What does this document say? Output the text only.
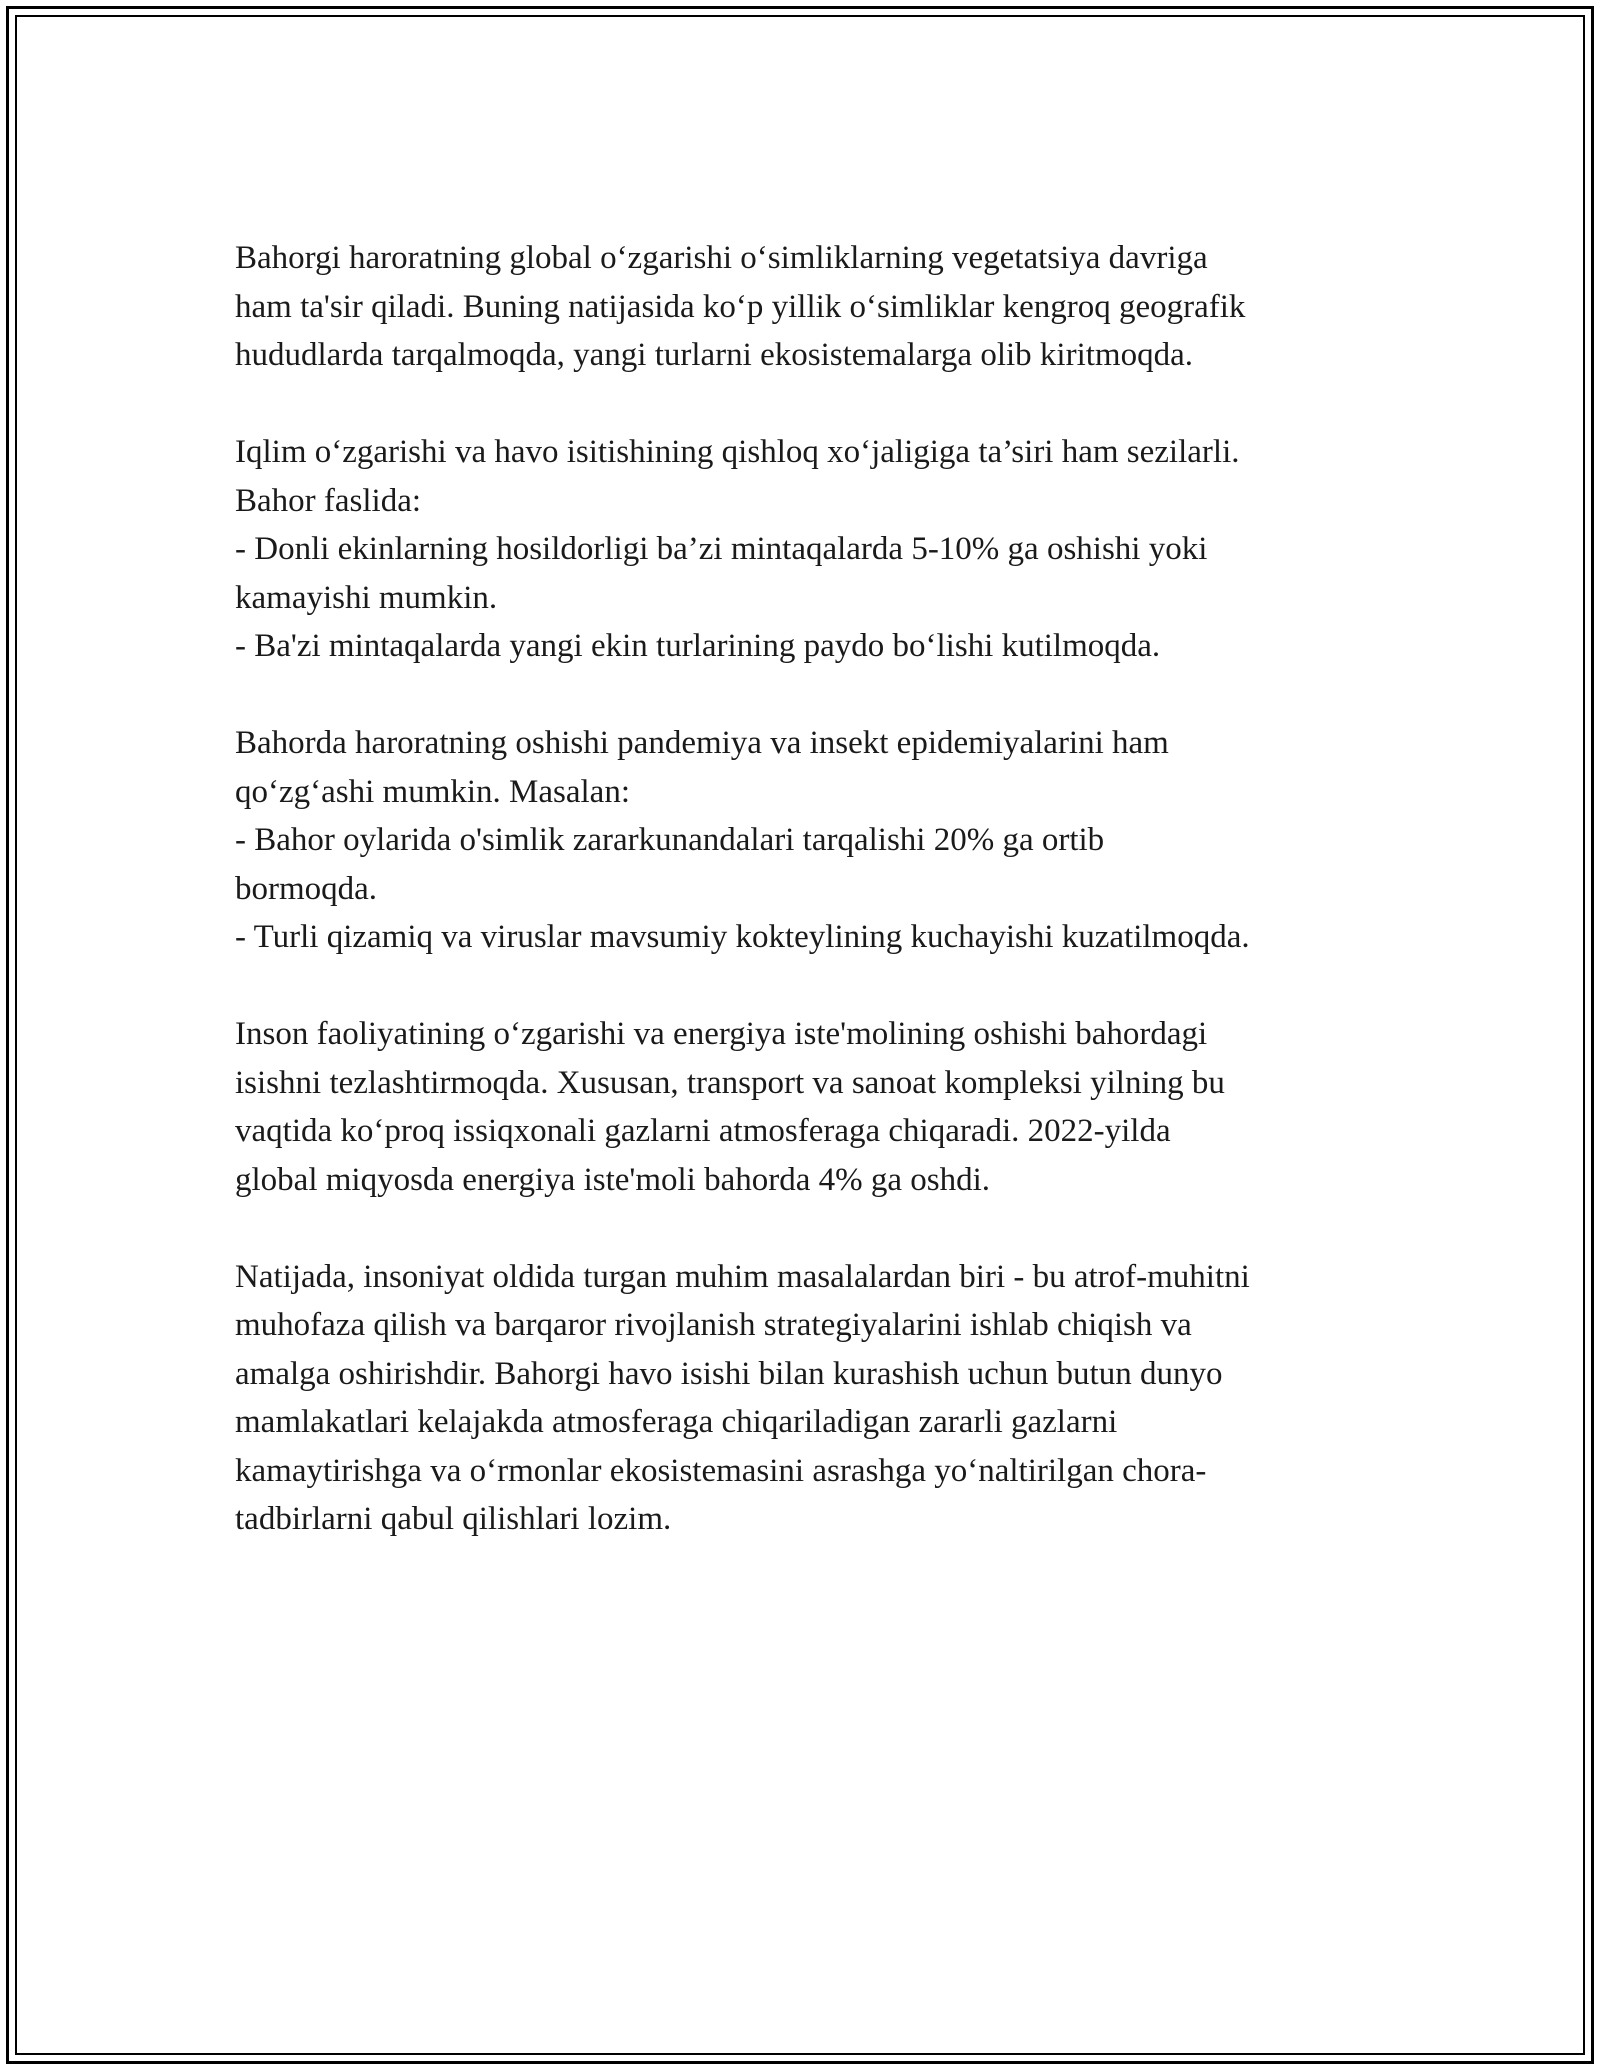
Bahorgi haroratning global o‘zgarishi o‘simliklarning vegetatsiya davriga
ham ta's‍ir qiladi. Buning natijasida ko‘p yillik o‘simliklar kengroq geografik
hududlarda tarqalmoqda, yangi turlarni ekosistemalarga olib kiritmoqda.

Iqlim o‘zgarishi va havo isitishining qishloq xo‘jaligiga ta’siri ham sezilarli.
Bahor faslida:
- Donli ekinlarning hosildorligi ba’zi mintaqalarda 5-10% ga oshishi yoki
kamayishi mumkin.
- Ba'zi mintaqalarda yangi ekin turlarining paydo bo‘lishi kutilmoqda.

Bahorda haroratning oshishi pandemiya va insekt epidemiyalarini ham
qo‘zg‘ashi mumkin. Masalan:
- Bahor oylarida o'simlik zararkunandalari tarqalishi 20% ga ortib
bormoqda.
- Turli qizamiq va viruslar mavsumiy kokteylining kuchayishi kuzatilmoqda.

Inson faoliyatining o‘zgarishi va energiya iste'molining oshishi bahordagi
isishni tezlashtirmoqda. Xususan, transport va sanoat kompleksi yilning bu
vaqtida ko‘proq issiqxonali gazlarni atmosferaga chiqaradi. 2022-yilda
global miqyosda energiya iste'moli bahorda 4% ga oshdi.

Natijada, insoniyat oldida turgan muhim masalalardan biri - bu atrof-muhitni
muhofaza qilish va barqaror rivojlanish strategiyalarini ishlab chiqish va
amalga oshirishdir. Bahorgi havo isishi bilan kurashish uchun butun dunyo
mamlakatlari kelajakda atmosferaga chiqariladigan zararli gazlarni
kamaytirishga va o‘rmonlar ekosistemasini asrashga yo‘naltirilgan chora-
tadbirlarni qabul qilishlari lozim.
